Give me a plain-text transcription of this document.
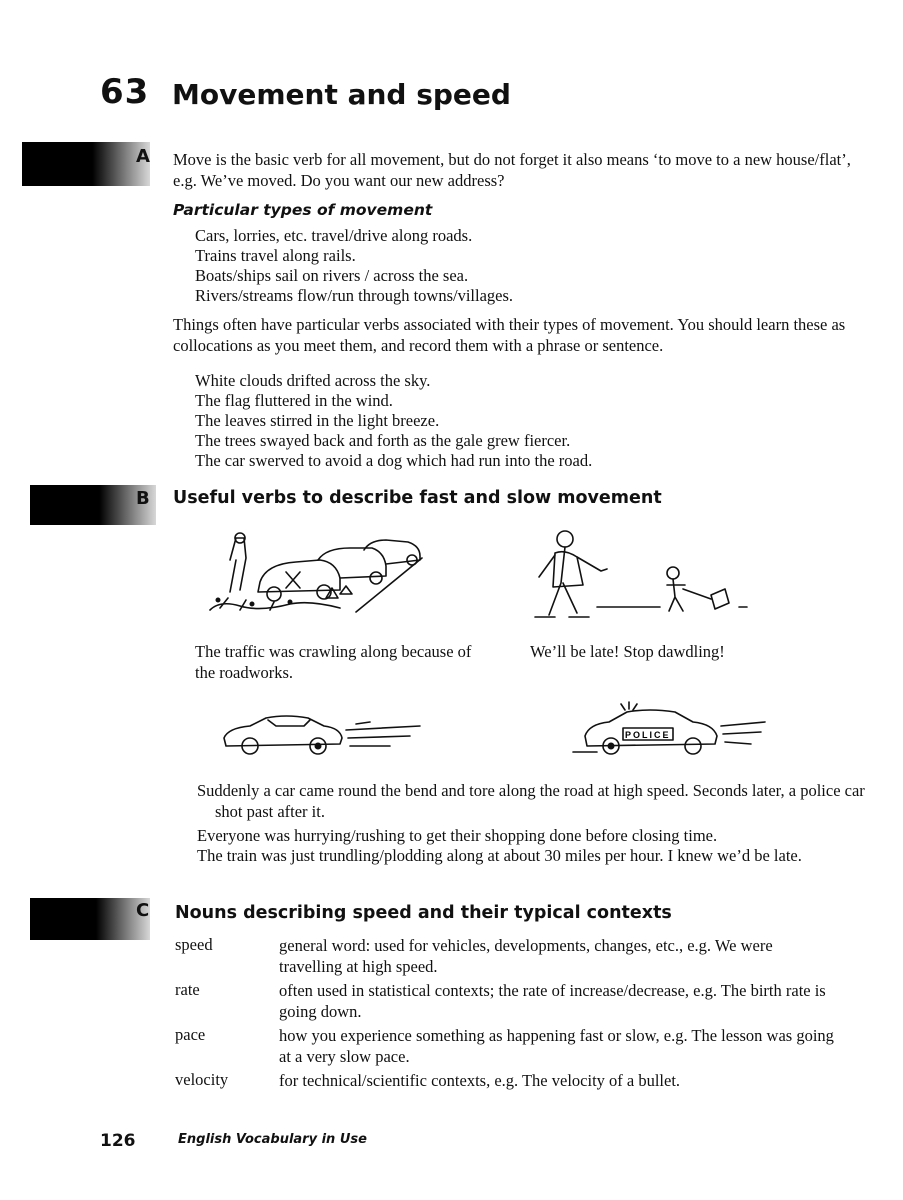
63 Movement and speed
A Move is the basic verb for all movement, but do not forget it also means ‘to move to a new house/flat’, e.g. We’ve moved. Do you want our new address?
Particular types of movement
Cars, lorries, etc. travel/drive along roads.
Trains travel along rails.
Boats/ships sail on rivers / across the sea.
Rivers/streams flow/run through towns/villages.
Things often have particular verbs associated with their types of movement. You should learn these as collocations as you meet them, and record them with a phrase or sentence.
White clouds drifted across the sky.
The flag fluttered in the wind.
The leaves stirred in the light breeze.
The trees swayed back and forth as the gale grew fiercer.
The car swerved to avoid a dog which had run into the road.
B Useful verbs to describe fast and slow movement
The traffic was crawling along because of the roadworks.
We’ll be late! Stop dawdling!
POLICE
Suddenly a car came round the bend and tore along the road at high speed. Seconds later, a police car shot past after it.
Everyone was hurrying/rushing to get their shopping done before closing time.
The train was just trundling/plodding along at about 30 miles per hour. I knew we’d be late.
C Nouns describing speed and their typical contexts
speed	general word: used for vehicles, developments, changes, etc., e.g. We were travelling at high speed.
rate	often used in statistical contexts; the rate of increase/decrease, e.g. The birth rate is going down.
pace	how you experience something as happening fast or slow, e.g. The lesson was going at a very slow pace.
velocity	for technical/scientific contexts, e.g. The velocity of a bullet.
126	English Vocabulary in Use
